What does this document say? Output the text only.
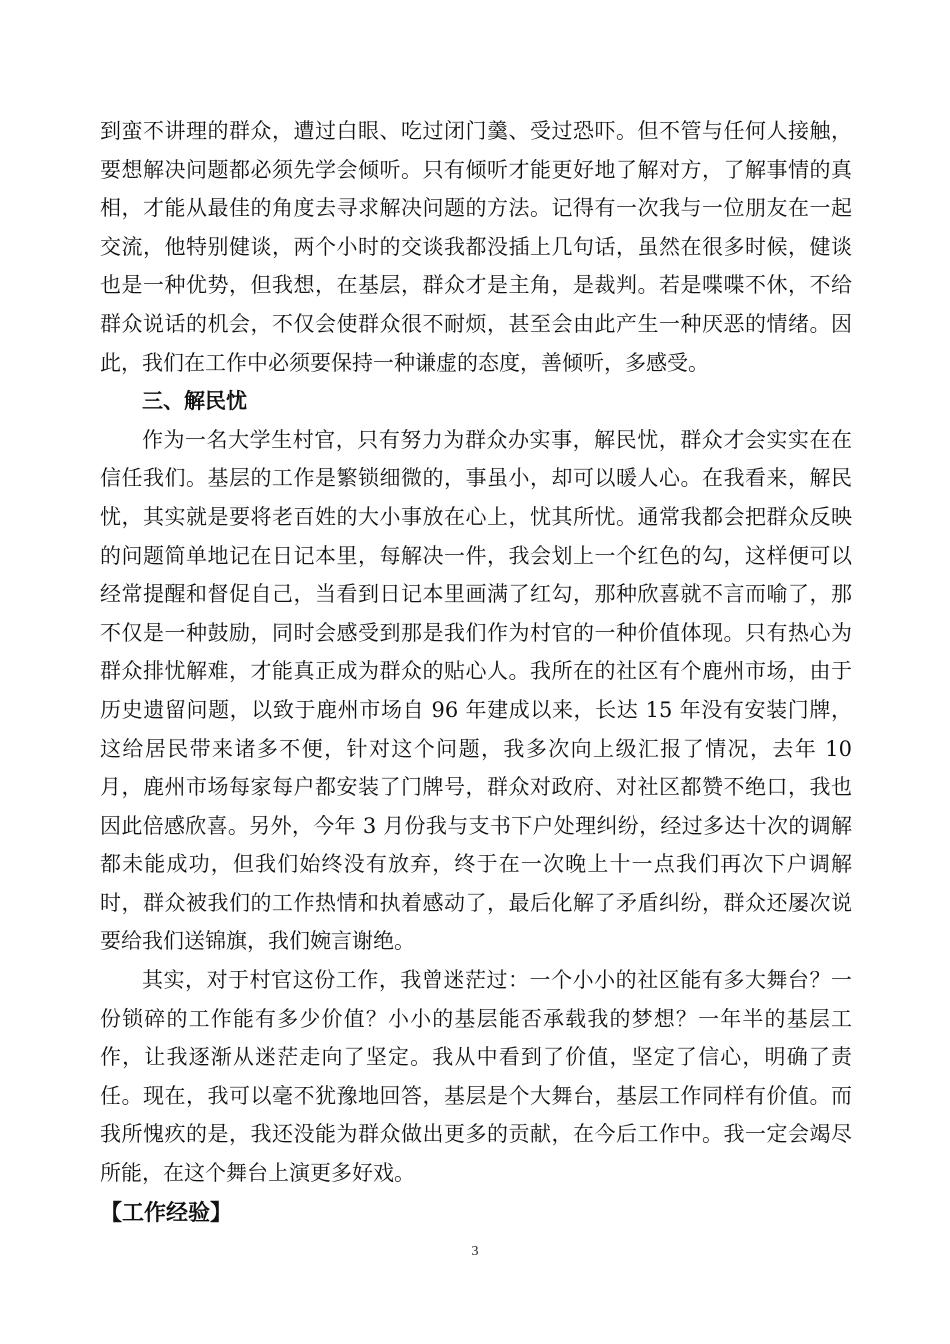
到蛮不讲理的群众，遭过白眼、吃过闭门羹、受过恐吓。但不管与任何人接触，要想解决问题都必须先学会倾听。只有倾听才能更好地了解对方，了解事情的真相，才能从最佳的角度去寻求解决问题的方法。记得有一次我与一位朋友在一起交流，他特别健谈，两个小时的交谈我都没插上几句话，虽然在很多时候，健谈也是一种优势，但我想，在基层，群众才是主角，是裁判。若是喋喋不休，不给群众说话的机会，不仅会使群众很不耐烦，甚至会由此产生一种厌恶的情绪。因此，我们在工作中必须要保持一种谦虚的态度，善倾听，多感受。

三、解民忧

作为一名大学生村官，只有努力为群众办实事，解民忧，群众才会实实在在信任我们。基层的工作是繁锁细微的，事虽小，却可以暖人心。在我看来，解民忧，其实就是要将老百姓的大小事放在心上，忧其所忧。通常我都会把群众反映的问题简单地记在日记本里，每解决一件，我会划上一个红色的勾，这样便可以经常提醒和督促自己，当看到日记本里画满了红勾，那种欣喜就不言而喻了，那不仅是一种鼓励，同时会感受到那是我们作为村官的一种价值体现。只有热心为群众排忧解难，才能真正成为群众的贴心人。我所在的社区有个鹿州市场，由于历史遗留问题，以致于鹿州市场自 96 年建成以来，长达 15 年没有安装门牌，这给居民带来诸多不便，针对这个问题，我多次向上级汇报了情况，去年 10 月，鹿州市场每家每户都安装了门牌号，群众对政府、对社区都赞不绝口，我也因此倍感欣喜。另外，今年 3 月份我与支书下户处理纠纷，经过多达十次的调解都未能成功，但我们始终没有放弃，终于在一次晚上十一点我们再次下户调解时，群众被我们的工作热情和执着感动了，最后化解了矛盾纠纷，群众还屡次说要给我们送锦旗，我们婉言谢绝。

其实，对于村官这份工作，我曾迷茫过：一个小小的社区能有多大舞台？一份锁碎的工作能有多少价值？小小的基层能否承载我的梦想？一年半的基层工作，让我逐渐从迷茫走向了坚定。我从中看到了价值，坚定了信心，明确了责任。现在，我可以毫不犹豫地回答，基层是个大舞台，基层工作同样有价值。而我所愧疚的是，我还没能为群众做出更多的贡献，在今后工作中。我一定会竭尽所能，在这个舞台上演更多好戏。

【工作经验】
3
